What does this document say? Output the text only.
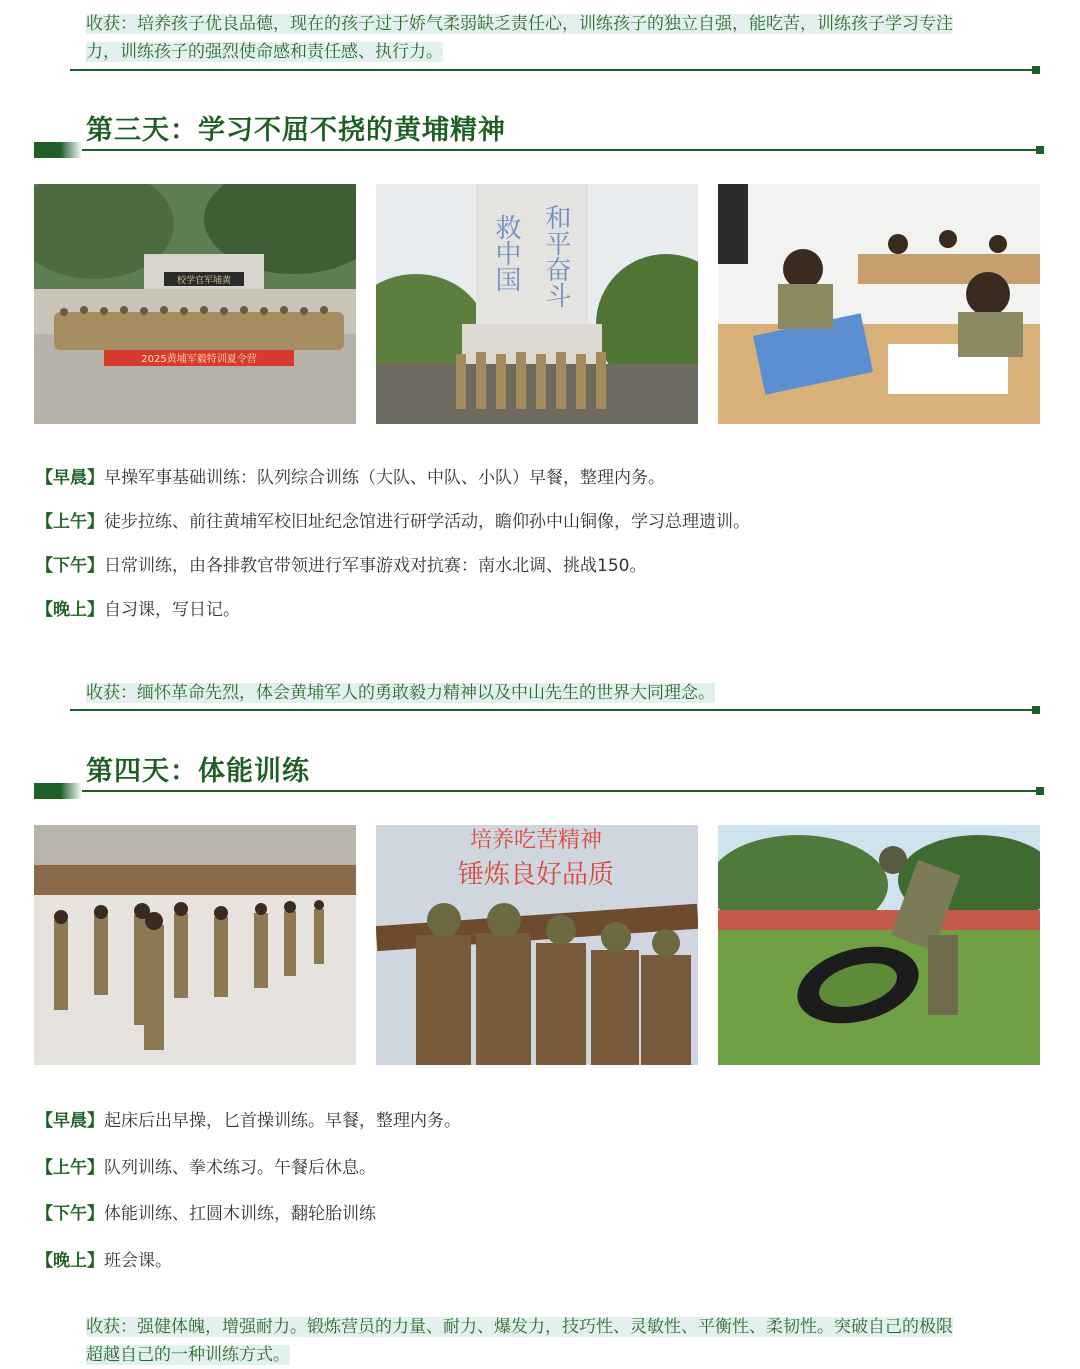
收获：培养孩子优良品德，现在的孩子过于娇气柔弱缺乏责任心，训练孩子的独立自强，能吃苦，训练孩子学习专注
力，训练孩子的强烈使命感和责任感、执行力。
第三天：学习不屈不挠的黄埔精神
校学官军埔黄
2025黄埔军毅特训夏令营
救中国 和平奋斗
【早晨】早操军事基础训练：队列综合训练（大队、中队、小队）早餐，整理内务。
【上午】徒步拉练、前往黄埔军校旧址纪念馆进行研学活动，瞻仰孙中山铜像，学习总理遗训。
【下午】日常训练，由各排教官带领进行军事游戏对抗赛：南水北调、挑战150。
【晚上】自习课，写日记。
收获：缅怀革命先烈，体会黄埔军人的勇敢毅力精神以及中山先生的世界大同理念。
第四天：体能训练
培养吃苦精神
锤炼良好品质
【早晨】起床后出早操，匕首操训练。早餐，整理内务。
【上午】队列训练、拳术练习。午餐后休息。
【下午】体能训练、扛圆木训练，翻轮胎训练
【晚上】班会课。
收获：强健体魄，增强耐力。锻炼营员的力量、耐力、爆发力，技巧性、灵敏性、平衡性、柔韧性。突破自己的极限
超越自己的一种训练方式。
